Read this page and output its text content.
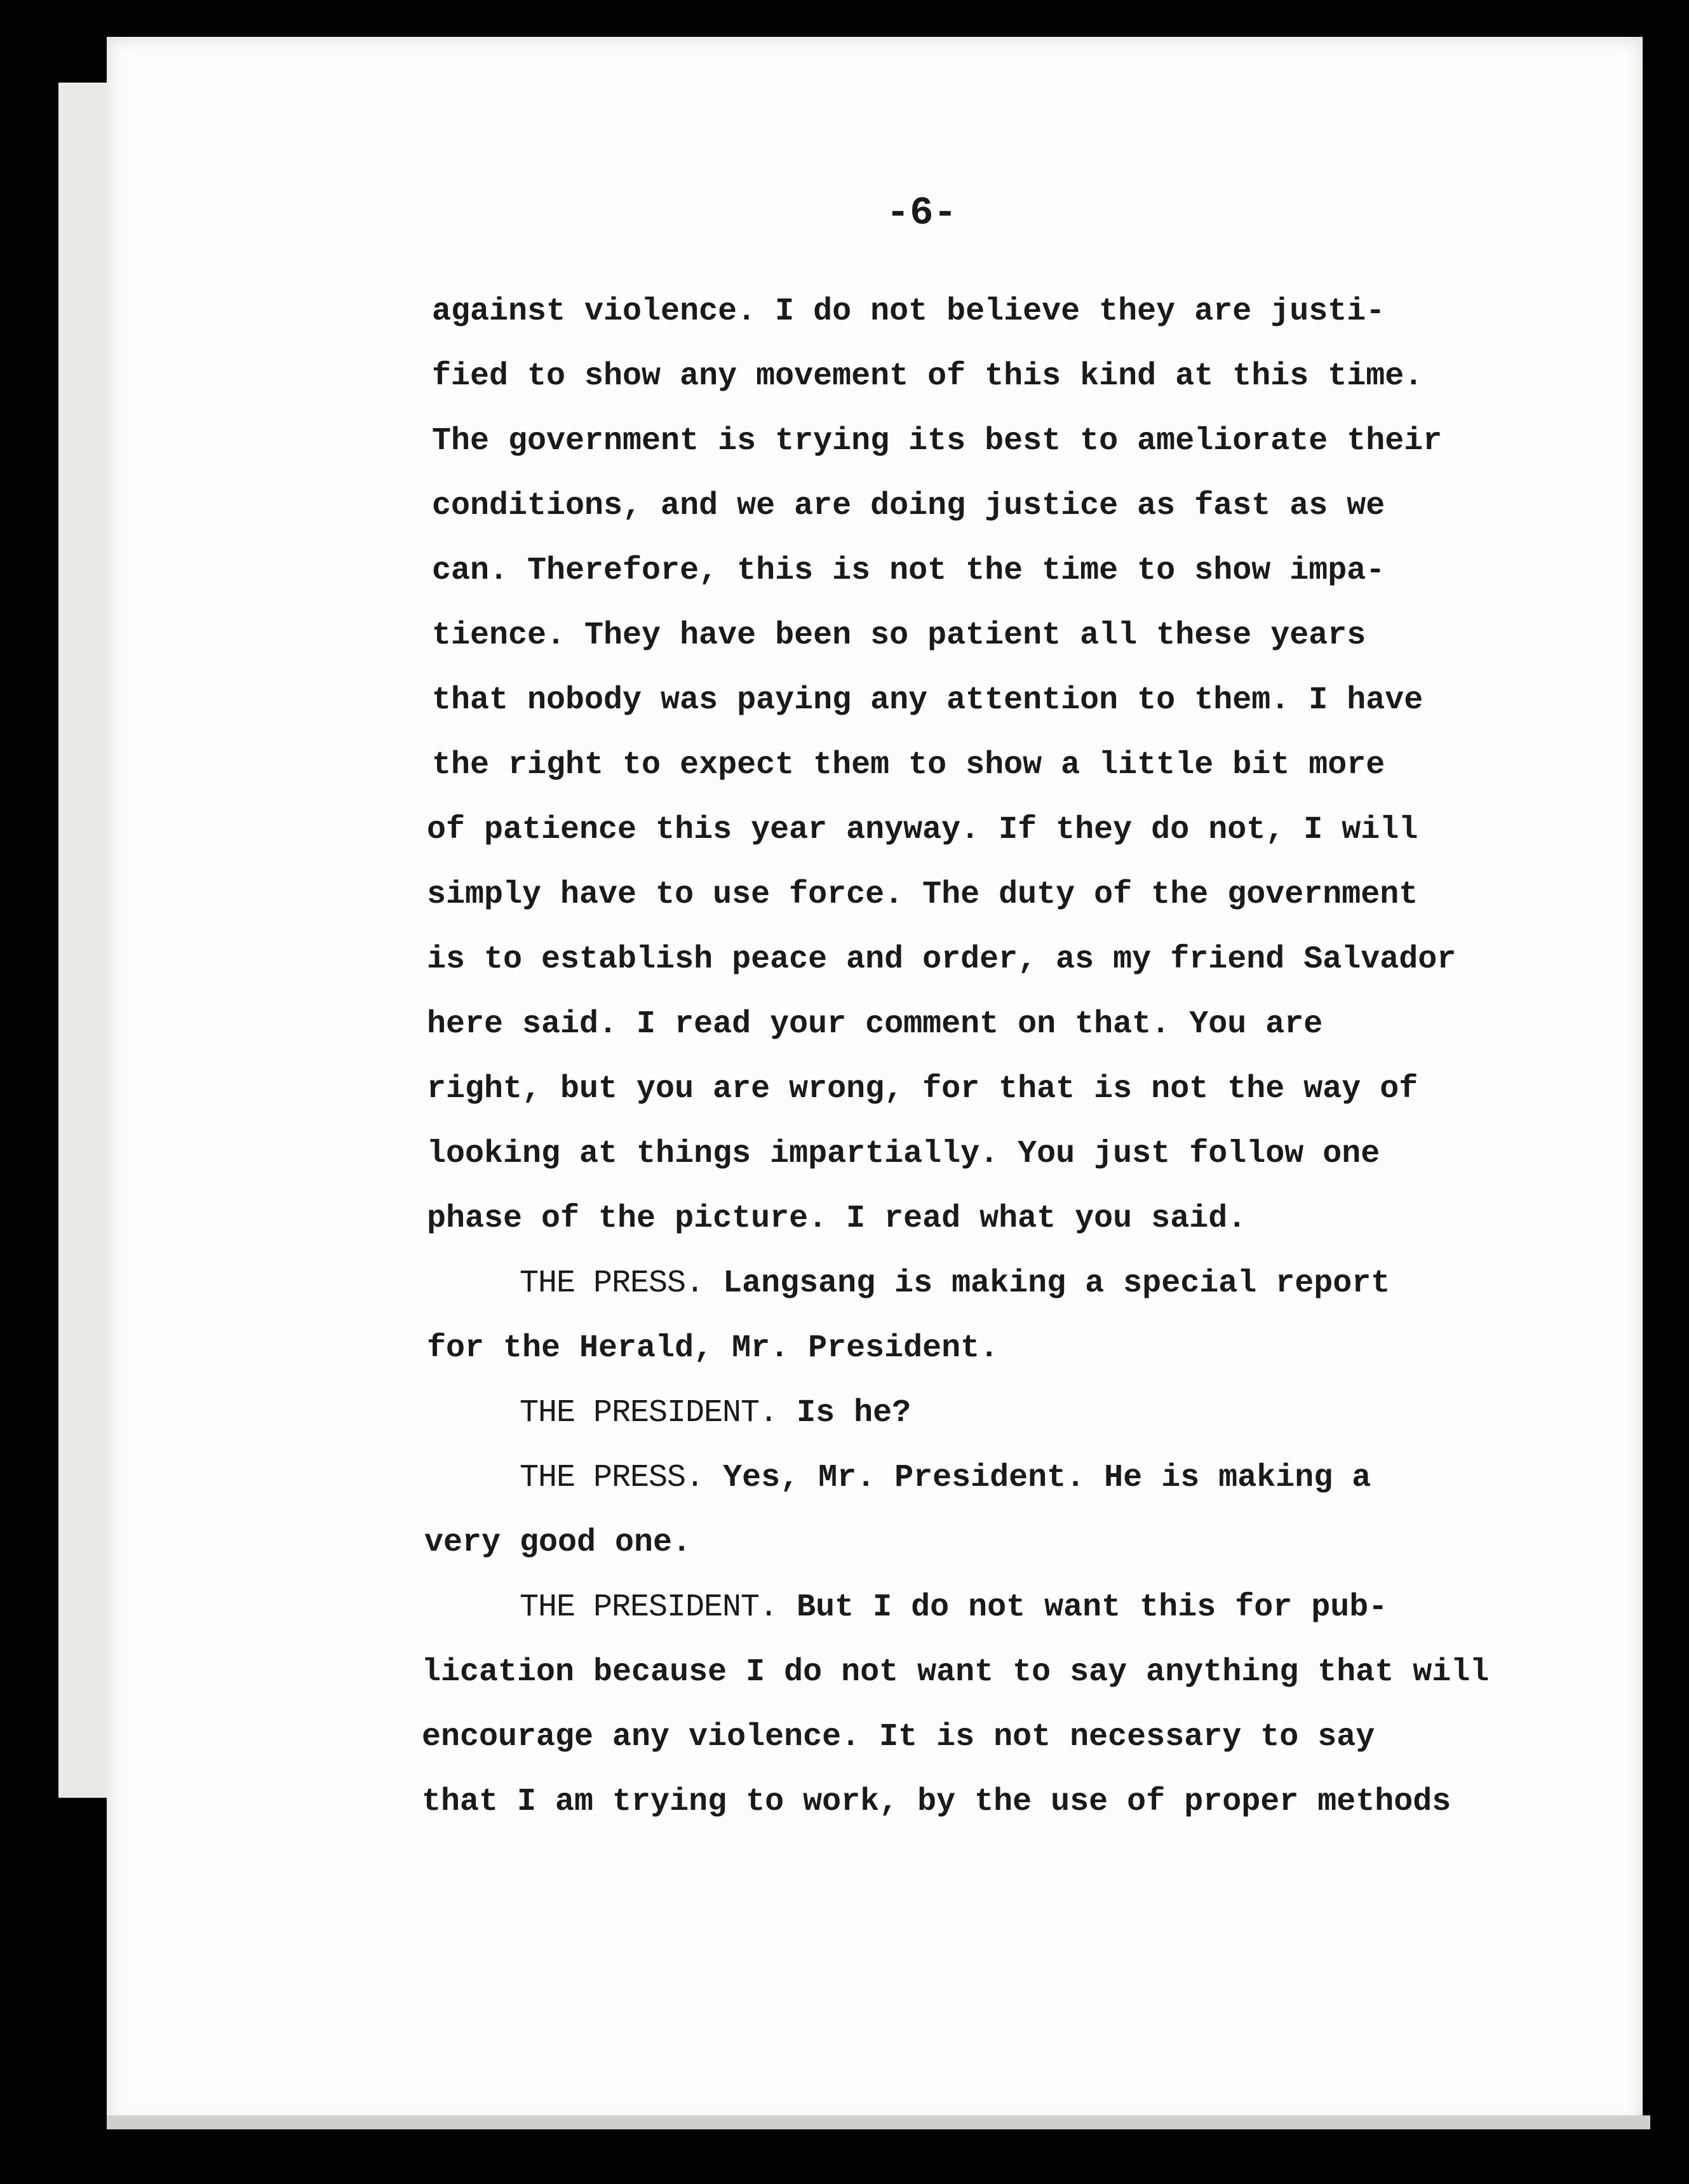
-6-
against violence. I do not believe they are justi-
fied to show any movement of this kind at this time.
The government is trying its best to ameliorate their
conditions, and we are doing justice as fast as we
can. Therefore, this is not the time to show impa-
tience. They have been so patient all these years
that nobody was paying any attention to them. I have
the right to expect them to show a little bit more
of patience this year anyway. If they do not, I will
simply have to use force. The duty of the government
is to establish peace and order, as my friend Salvador
here said. I read your comment on that. You are
right, but you are wrong, for that is not the way of
looking at things impartially. You just follow one
phase of the picture. I read what you said.
THE PRESS. Langsang is making a special report
for the Herald, Mr. President.
THE PRESIDENT. Is he?
THE PRESS. Yes, Mr. President. He is making a
very good one.
THE PRESIDENT. But I do not want this for pub-
lication because I do not want to say anything that will
encourage any violence. It is not necessary to say
that I am trying to work, by the use of proper methods
